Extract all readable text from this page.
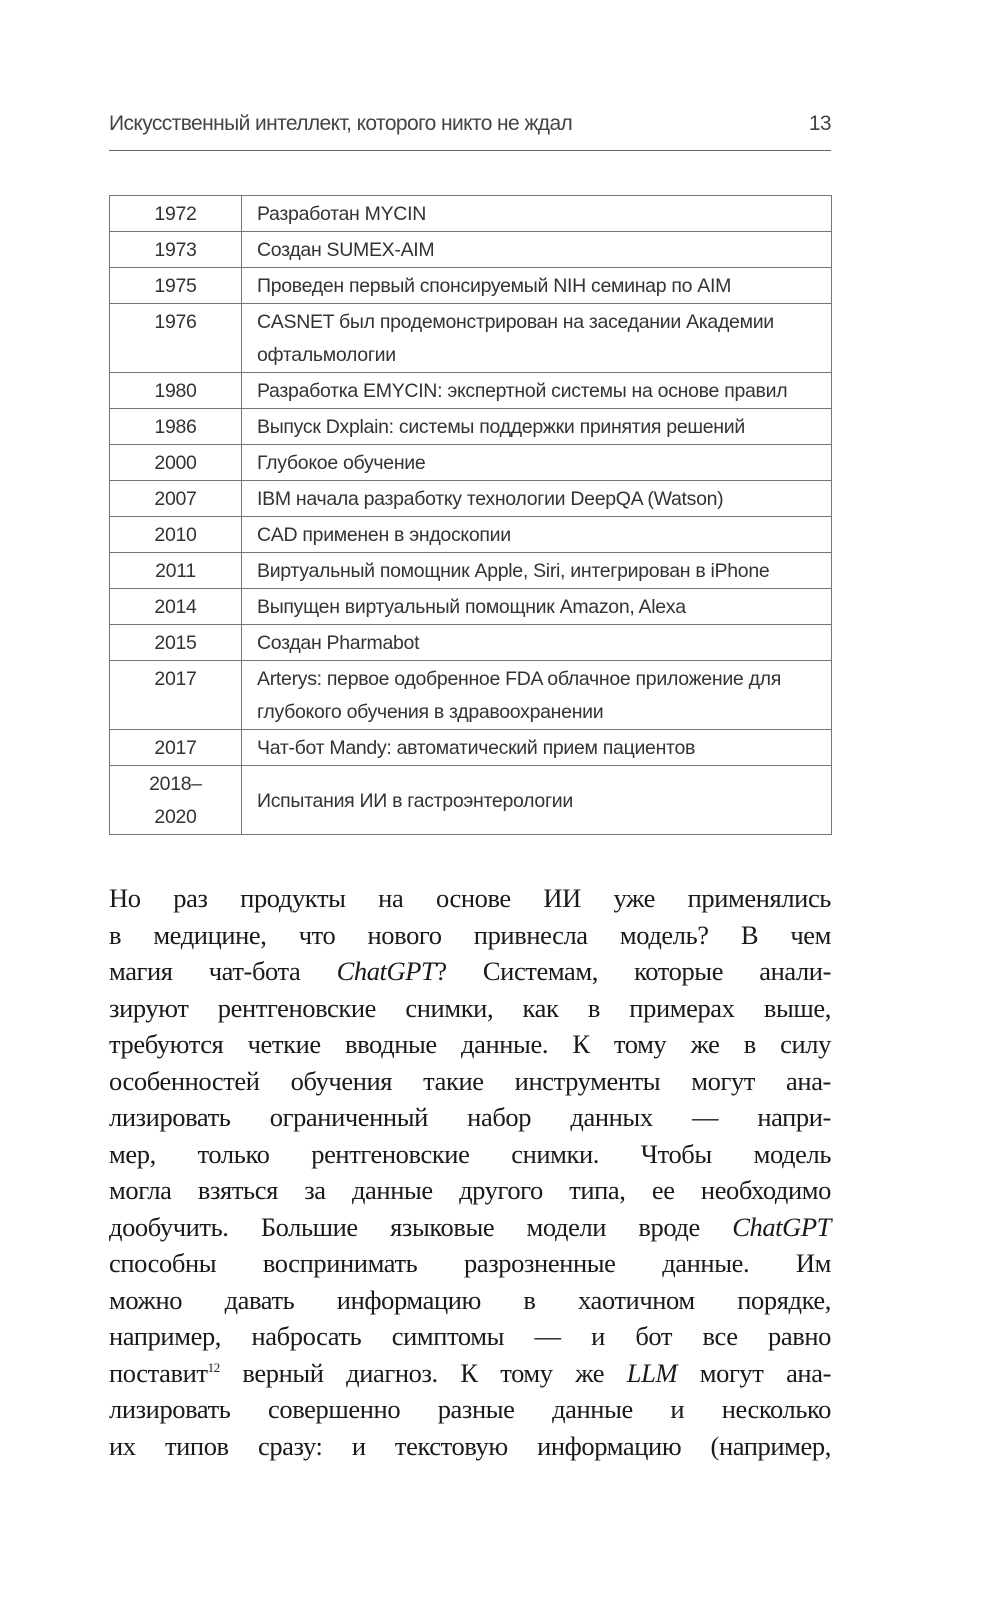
Искусственный интеллект, которого никто не ждал	13
1972	Разработан MYCIN
1973	Создан SUMEX-AIM
1975	Проведен первый спонсируемый NIH семинар по AIM
1976	CASNET был продемонстрирован на заседании Академии офтальмологии
1980	Разработка EMYCIN: экспертной системы на основе правил
1986	Выпуск Dxplain: системы поддержки принятия решений
2000	Глубокое обучение
2007	IBM начала разработку технологии DeepQA (Watson)
2010	CAD применен в эндоскопии
2011	Виртуальный помощник Apple, Siri, интегрирован в iPhone
2014	Выпущен виртуальный помощник Amazon, Alexa
2015	Создан Pharmabot
2017	Arterys: первое одобренное FDA облачное приложение для глубокого обучения в здравоохранении
2017	Чат-бот Mandy: автоматический прием пациентов
2018–2020	Испытания ИИ в гастроэнтерологии
Но раз продукты на основе ИИ уже применялись
в медицине, что нового привнесла модель? В чем
магия чат-бота ChatGPT? Системам, которые анали-
зируют рентгеновские снимки, как в примерах выше,
требуются четкие вводные данные. К тому же в силу
особенностей обучения такие инструменты могут ана-
лизировать ограниченный набор данных — напри-
мер, только рентгеновские снимки. Чтобы модель
могла взяться за данные другого типа, ее необходимо
дообучить. Большие языковые модели вроде ChatGPT
способны воспринимать разрозненные данные. Им
можно давать информацию в хаотичном порядке,
например, набросать симптомы — и бот все равно
поставит$^{12}$ верный диагноз. К тому же LLM могут ана-
лизировать совершенно разные данные и несколько
их типов сразу: и текстовую информацию (например,
